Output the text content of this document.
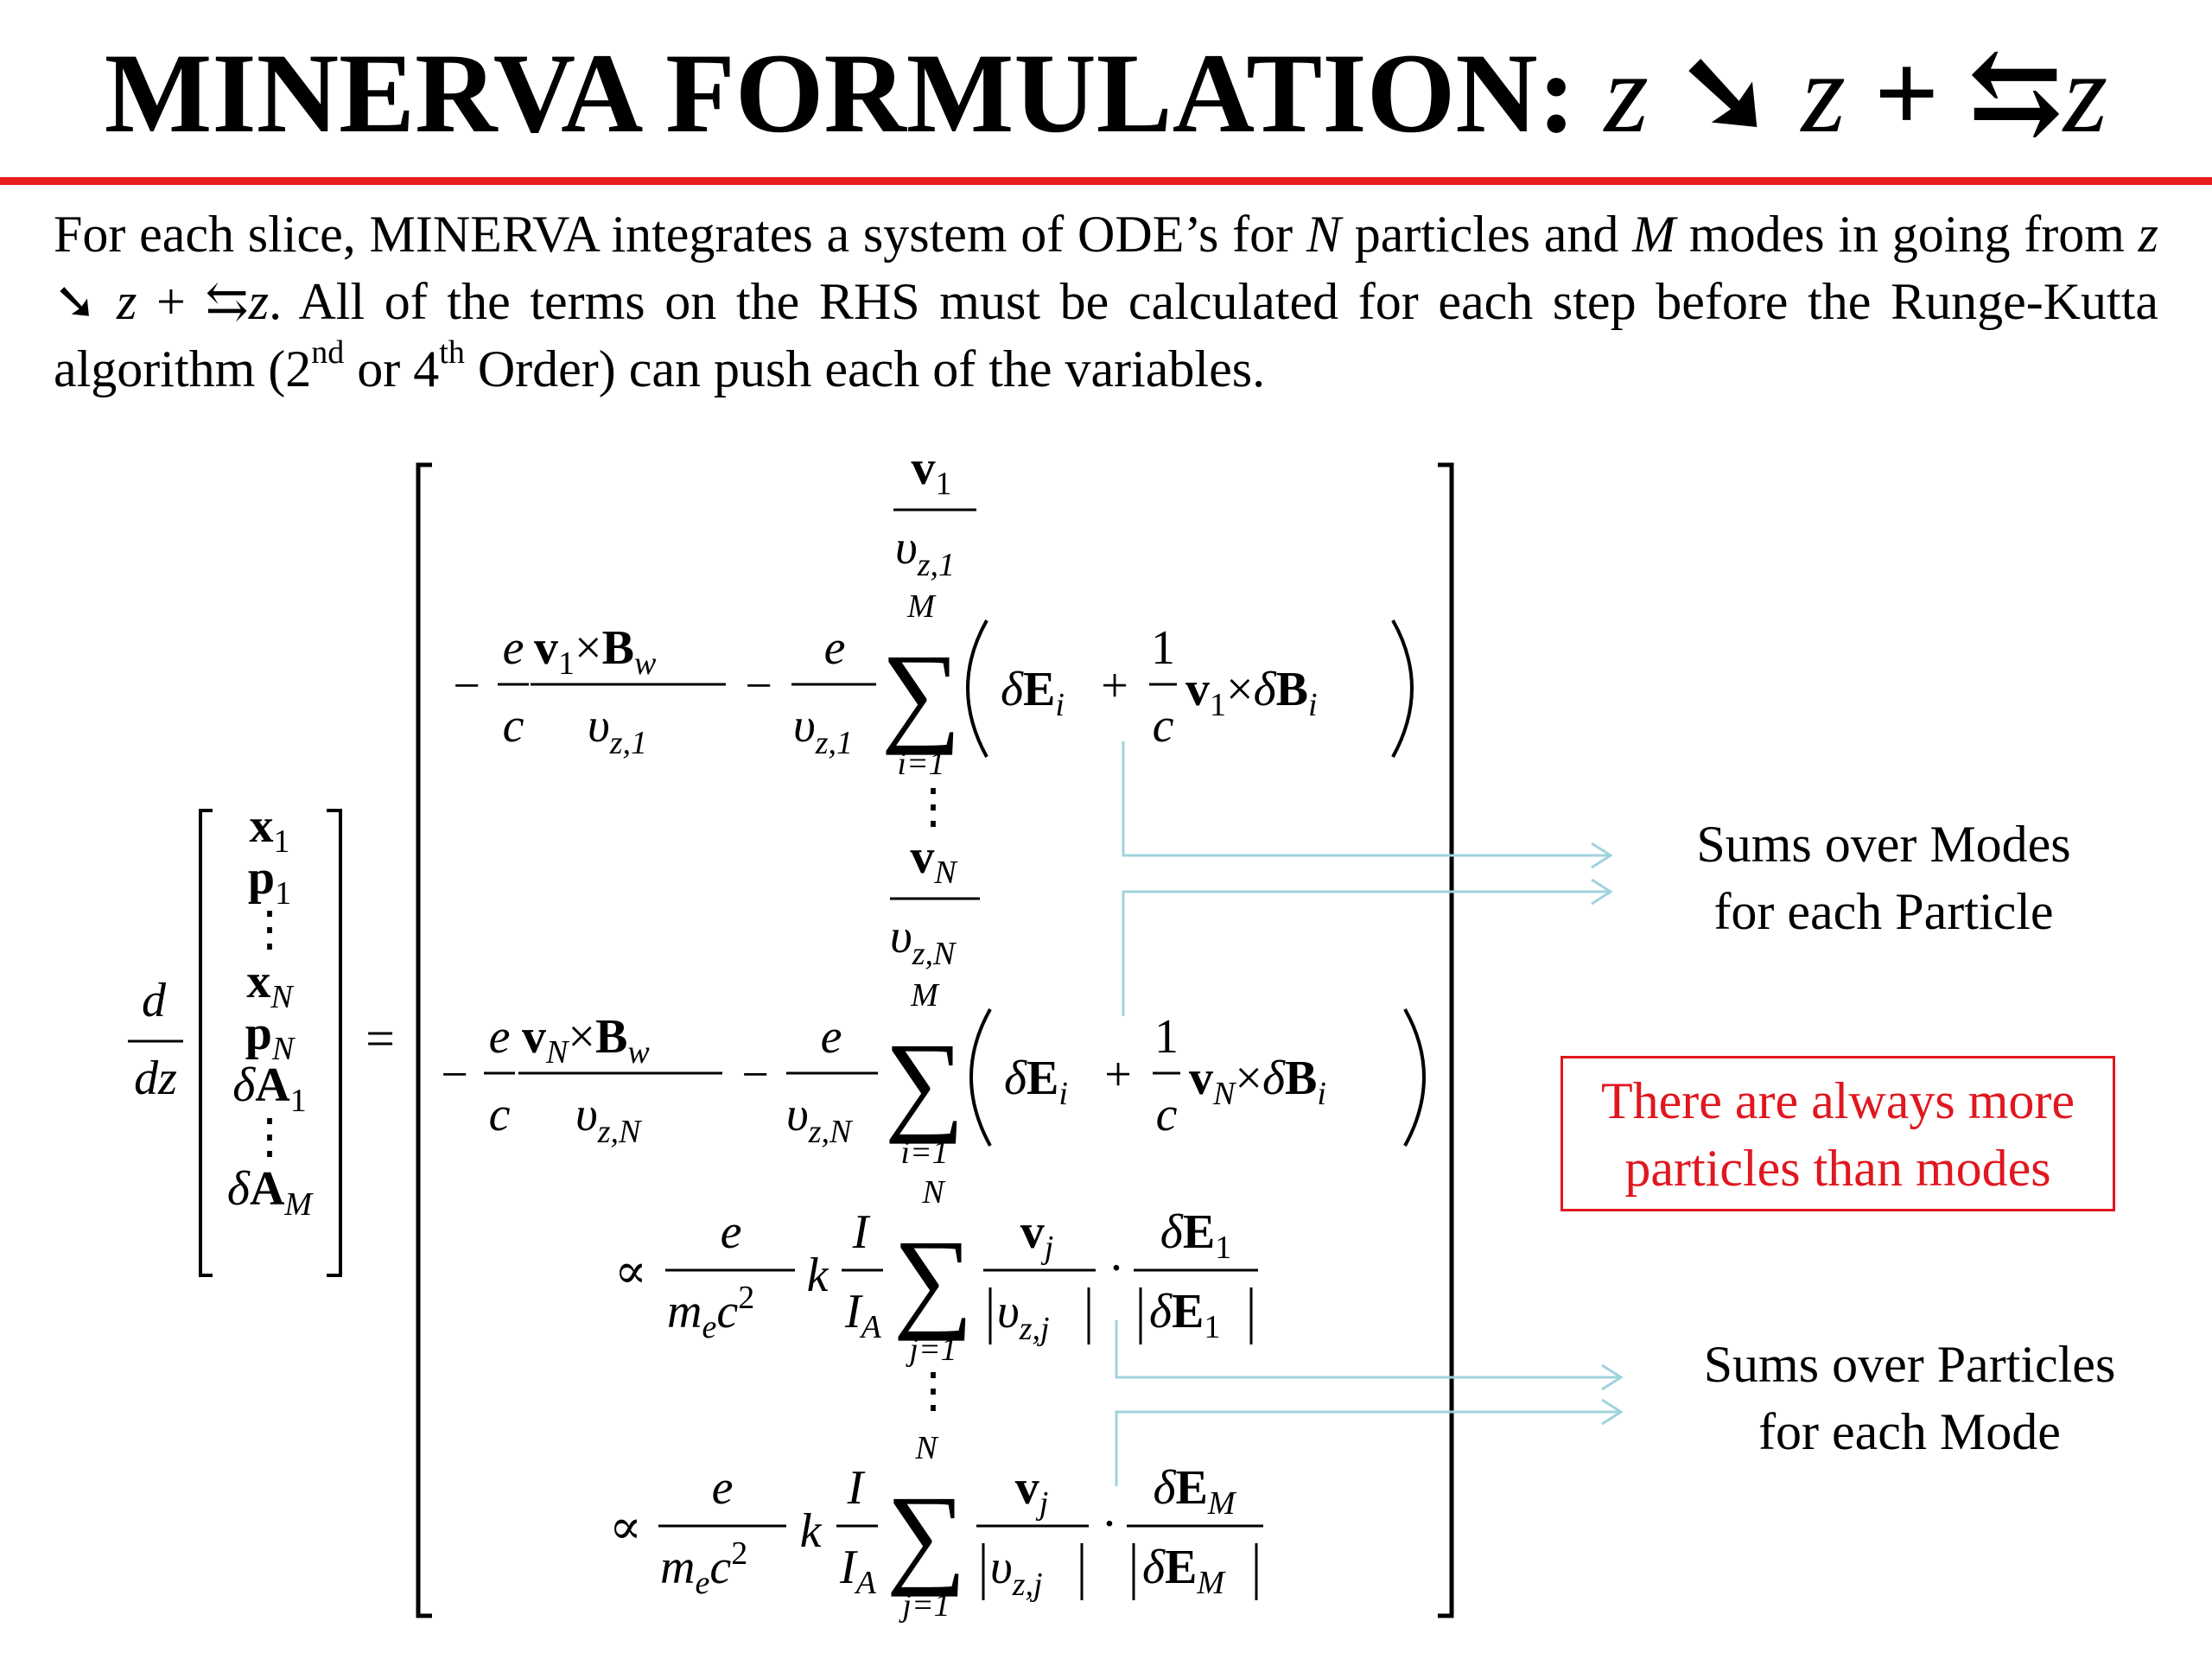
MINERVA FORMULATION: z ➘ z + ⇆z
For each slice, MINERVA integrates a system of ODE’s for N particles and M modes in going from z ➘ z + ⇆z. All of the terms on the RHS must be calculated for each step before the Runge-Kutta algorithm (2nd or 4th Order) can push each of the variables.
d
dz
$x_1$
$p_1$
⋮
$x_N$
$p_N$
$\delta A_1$
⋮
$\delta A_M$
=
$v_1$
$\upsilon_{z,1}$
−
e
c
$v_1\times B_w$
$\upsilon_{z,1}$
−
e
$\upsilon_{z,1}$
M
∑
i=1
$\delta E_i$ +
1
c
$v_1\times\delta B_i$
⋮
$v_N$
$\upsilon_{z,N}$
−
e
c
$v_N\times B_w$
$\upsilon_{z,N}$
−
e
$\upsilon_{z,N}$
M
∑
i=1
$\delta E_i$ +
1
c
$v_N\times\delta B_i$
∝
e
$m_ec^2$ k
I
$I_A$
N
∑
j=1
$v_j$
$\upsilon_{z,j}$
·
$\delta E_1$
$\delta E_1$
⋮
∝
e
$m_ec^2$ k
I
$I_A$
N
∑
j=1
$v_j$
$\upsilon_{z,j}$
·
$\delta E_M$
$\delta E_M$
Sums over Modes
for each Particle
There are always more
particles than modes
Sums over Particles
for each Mode
